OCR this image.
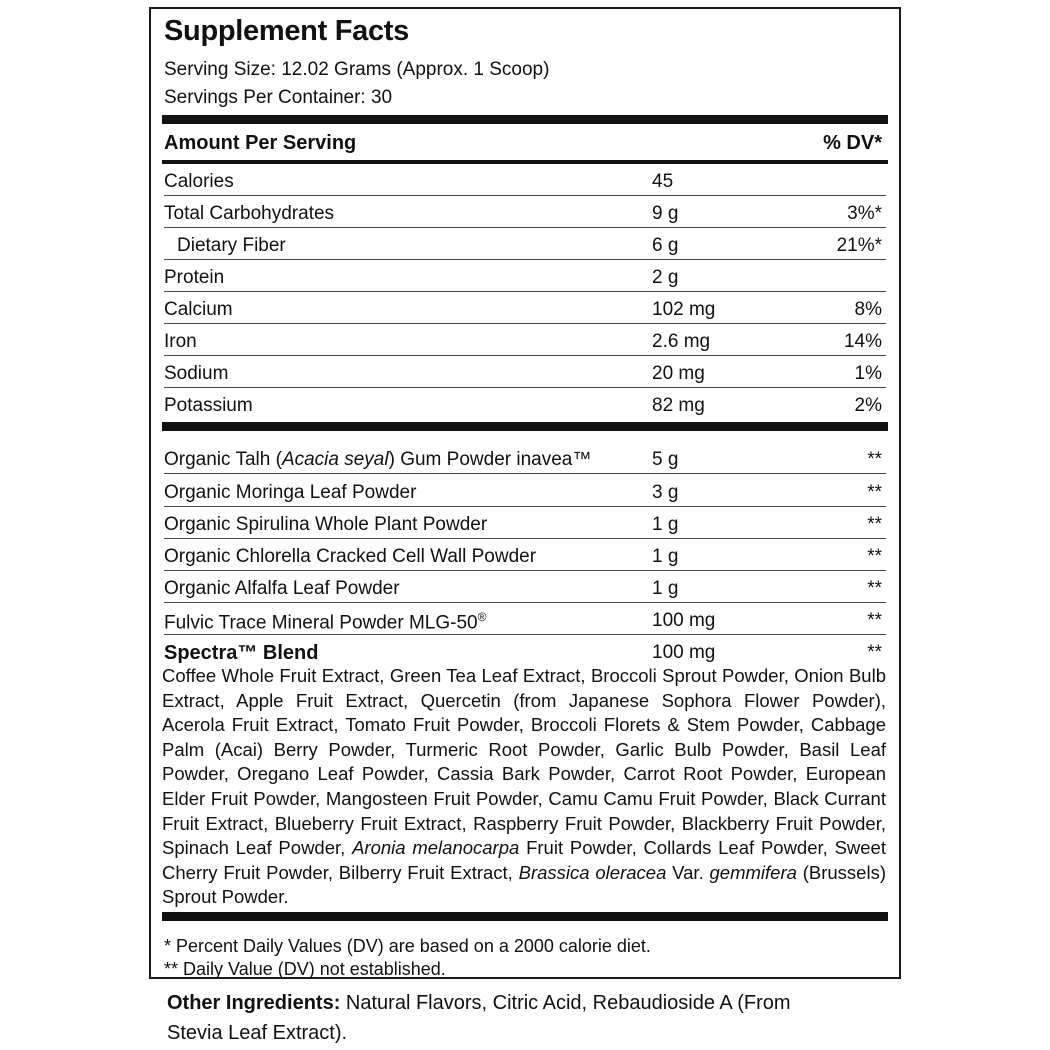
Supplement Facts
Serving Size: 12.02 Grams (Approx. 1 Scoop)
Servings Per Container: 30
Amount Per Serving	% DV*
Calories	45
Total Carbohydrates	9 g	3%*
Dietary Fiber	6 g	21%*
Protein	2 g
Calcium	102 mg	8%
Iron	2.6 mg	14%
Sodium	20 mg	1%
Potassium	82 mg	2%
Organic Talh (Acacia seyal) Gum Powder inavea™	5 g	**
Organic Moringa Leaf Powder	3 g	**
Organic Spirulina Whole Plant Powder	1 g	**
Organic Chlorella Cracked Cell Wall Powder	1 g	**
Organic Alfalfa Leaf Powder	1 g	**
Fulvic Trace Mineral Powder MLG-50®	100 mg	**
Spectra™ Blend	100 mg	**
Coffee Whole Fruit Extract, Green Tea Leaf Extract, Broccoli Sprout Powder, Onion Bulb Extract, Apple Fruit Extract, Quercetin (from Japanese Sophora Flower Powder), Acerola Fruit Extract, Tomato Fruit Powder, Broccoli Florets & Stem Powder, Cabbage Palm (Acai) Berry Powder, Turmeric Root Powder, Garlic Bulb Powder, Basil Leaf Powder, Oregano Leaf Powder, Cassia Bark Powder, Carrot Root Powder, European Elder Fruit Powder, Mangosteen Fruit Powder, Camu Camu Fruit Powder, Black Currant Fruit Extract, Blueberry Fruit Extract, Raspberry Fruit Powder, Blackberry Fruit Powder, Spinach Leaf Powder, Aronia melanocarpa Fruit Powder, Collards Leaf Powder, Sweet Cherry Fruit Powder, Bilberry Fruit Extract, Brassica oleracea Var. gemmifera (Brussels) Sprout Powder.
* Percent Daily Values (DV) are based on a 2000 calorie diet.
** Daily Value (DV) not established.
Other Ingredients: Natural Flavors, Citric Acid, Rebaudioside A (From Stevia Leaf Extract).
